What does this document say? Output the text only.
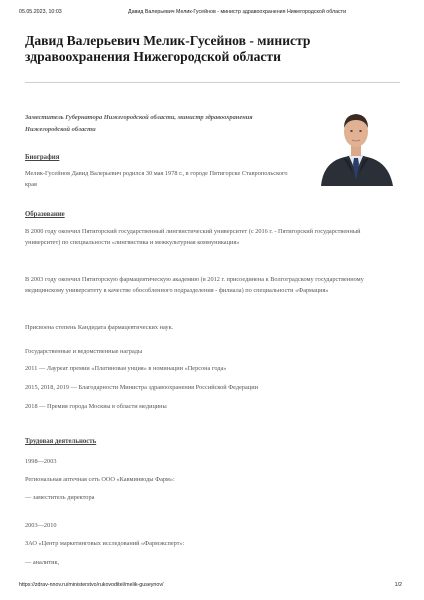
05.05.2023, 10:03	Давид Валерьевич Мелик-Гусейнов - министр здравоохранения Нижегородской области
Давид Валерьевич Мелик-Гусейнов - министр здравоохранения Нижегородской области
Заместитель Губернатора Нижегородской области, министр здравоохранения Нижегородской области
Биография

Мелик-Гусейнов Давид Валерьевич родился 30 мая 1978 г., в городе Пятигорске Ставропольского края

Образование

В 2000 году окончил Пятигорский государственный лингвистический университет (с 2016 г. - Пятигорский государственный университет) по специальности «лингвистика и межкультурная коммуникация»

В 2003 году окончил Пятигорскую фармацевтическую академию (в 2012 г. присоединена к Волгоградскому государственному медицинскому университету в качестве обособленного подразделения - филиала) по специальности «Фармация»

Присвоена степень Кандидата фармацевтических наук.

Государственные и ведомственные награды

2011 — Лауреат премии «Платиновая унция» в номинации «Персона года»

2015, 2018, 2019 — Благодарности Министра здравоохранения Российской Федерации

2018 — Премия города Москвы в области медицины

Трудовая деятельность

1998—2003

Региональная аптечная сеть ООО «Кавминводы Фарм»:

— заместитель директора

2003—2010

ЗАО «Центр маркетинговых исследований «Фармэксперт»:

— аналитик,

https://zdrav-nnov.ru/ministerstvo/rukovoditel/melik-guseynov/	1/2
